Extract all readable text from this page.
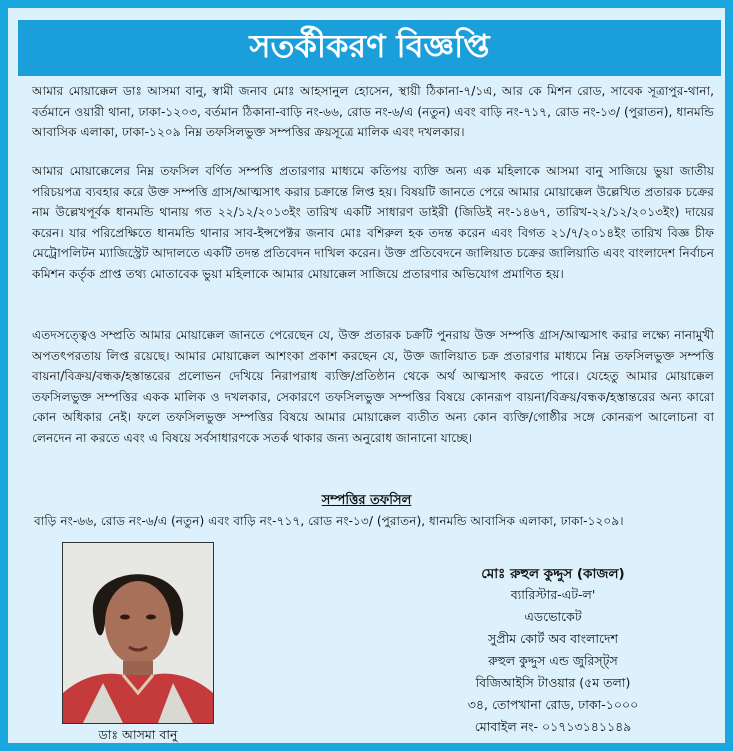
সতর্কীকরণ বিজ্ঞপ্তি
আমার মোয়াক্কেল ডাঃ আসমা বানু, স্বামী জনাব মোঃ আহসানুল হোসেন, স্থায়ী ঠিকানা-৭/১এ, আর কে মিশন রোড, সাবেক সূত্রাপুর-থানা, বর্তমানে ওয়ারী থানা, ঢাকা-১২০৩, বর্তমান ঠিকানা-বাড়ি নং-৬৬, রোড নং-৬/এ (নতুন) এবং বাড়ি নং-৭১৭, রোড নং-১৩/ (পুরাতন), ধানমন্ডি আবাসিক এলাকা, ঢাকা-১২০৯ নিম্ন তফসিলভুক্ত সম্পত্তির ক্রয়সূত্রে মালিক এবং দখলকার।
আমার মোয়াক্কেলের নিম্ন তফসিল বর্ণিত সম্পত্তি প্রতারণার মাধ্যমে কতিপয় ব্যক্তি অন্য এক মহিলাকে আসমা বানু সাজিয়ে ভুয়া জাতীয় পরিচয়পত্র ব্যবহার করে উক্ত সম্পত্তি গ্রাস/আত্মসাৎ করার চক্রান্তে লিপ্ত হয়। বিষয়টি জানতে পেরে আমার মোয়াক্কেল উল্লেখিত প্রতারক চক্রের নাম উল্লেখপূর্বক ধানমন্ডি থানায় গত ২২/১২/২০১৩ইং তারিখ একটি সাধারণ ডাইরী (জিডিই নং-১৪৬৭, তারিখ-২২/১২/২০১৩ইং) দায়ের করেন। যার পরিপ্রেক্ষিতে ধানমন্ডি থানার সাব-ইন্সপেক্টর জনাব মোঃ বশিরুল হক তদন্ত করেন এবং বিগত ২১/৭/২০১৪ইং তারিখ বিজ্ঞ চীফ মেট্রোপলিটন ম্যাজিস্ট্রেট আদালতে একটি তদন্ত প্রতিবেদন দাখিল করেন। উক্ত প্রতিবেদনে জালিয়াত চক্রের জালিয়াতি এবং বাংলাদেশ নির্বাচন কমিশন কর্তৃক প্রাপ্ত তথ্য মোতাবেক ভুয়া মহিলাকে আমার মোয়াক্কেল সাজিয়ে প্রতারণার অভিযোগ প্রমাণিত হয়।
এতদসত্ত্বেও সম্প্রতি আমার মোয়াক্কেল জানতে পেরেছেন যে, উক্ত প্রতারক চক্রটি পুনরায় উক্ত সম্পত্তি গ্রাস/আত্মসাৎ করার লক্ষ্যে নানামুখী অপতৎপরতায় লিপ্ত রয়েছে। আমার মোয়াক্কেল আশংকা প্রকাশ করছেন যে, উক্ত জালিয়াত চক্র প্রতারণার মাধ্যমে নিম্ন তফসিলভুক্ত সম্পত্তি বায়না/বিক্রয়/বন্ধক/হস্তান্তরের প্রলোভন দেখিয়ে নিরাপরাধ ব্যক্তি/প্রতিষ্ঠান থেকে অর্থ আত্মসাৎ করতে পারে। যেহেতু আমার মোয়াক্কেল তফসিলভুক্ত সম্পত্তির একক মালিক ও দখলকার, সেকারণে তফসিলভুক্ত সম্পত্তির বিষয়ে কোনরূপ বায়না/বিক্রয়/বন্ধক/হস্তান্তরের অন্য কারো কোন অধিকার নেই। ফলে তফসিলভুক্ত সম্পত্তির বিষয়ে আমার মোয়াক্কেল ব্যতীত অন্য কোন ব্যক্তি/গোষ্ঠীর সঙ্গে কোনরূপ আলোচনা বা লেনদেন না করতে এবং এ বিষয়ে সর্বসাধারণকে সতর্ক থাকার জন্য অনুরোধ জানানো যাচ্ছে।
সম্পত্তির তফসিল
বাড়ি নং-৬৬, রোড নং-৬/এ (নতুন) এবং বাড়ি নং-৭১৭, রোড নং-১৩/ (পুরাতন), ধানমন্ডি আবাসিক এলাকা, ঢাকা-১২০৯।
ডাঃ আসমা বানু
মোঃ রুহুল কুদ্দুস (কাজল)
ব্যারিস্টার-এট-ল'
এডভোকেট
সুপ্রীম কোর্ট অব বাংলাদেশ
রুহুল কুদ্দুস এন্ড জুরিস্ট্স
বিজিআইসি টাওয়ার (৫ম তলা)
৩৪, তোপখানা রোড, ঢাকা-১০০০
মোবাইল নং- ০১৭১৩১৪১১৪৯
